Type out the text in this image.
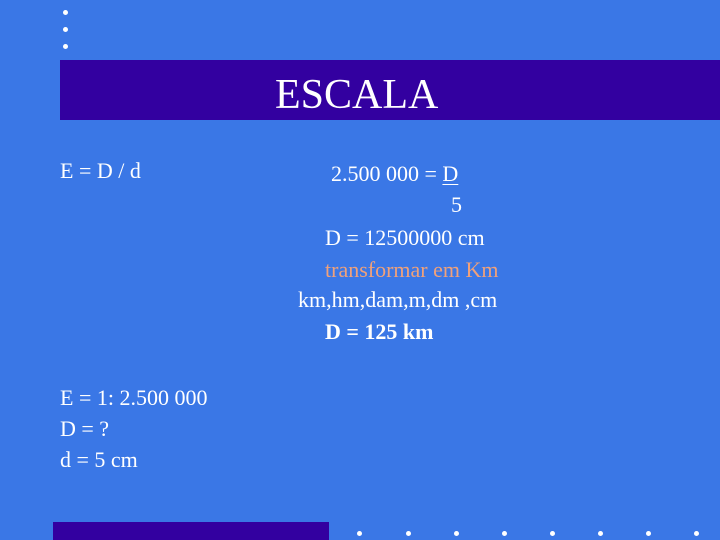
ESCALA
E = D / d	2.500 000 = D
5
D = 12500000 cm
transformar em Km
km,hm,dam,m,dm ,cm
D = 125 km
E = 1: 2.500 000
D = ?
d = 5 cm
